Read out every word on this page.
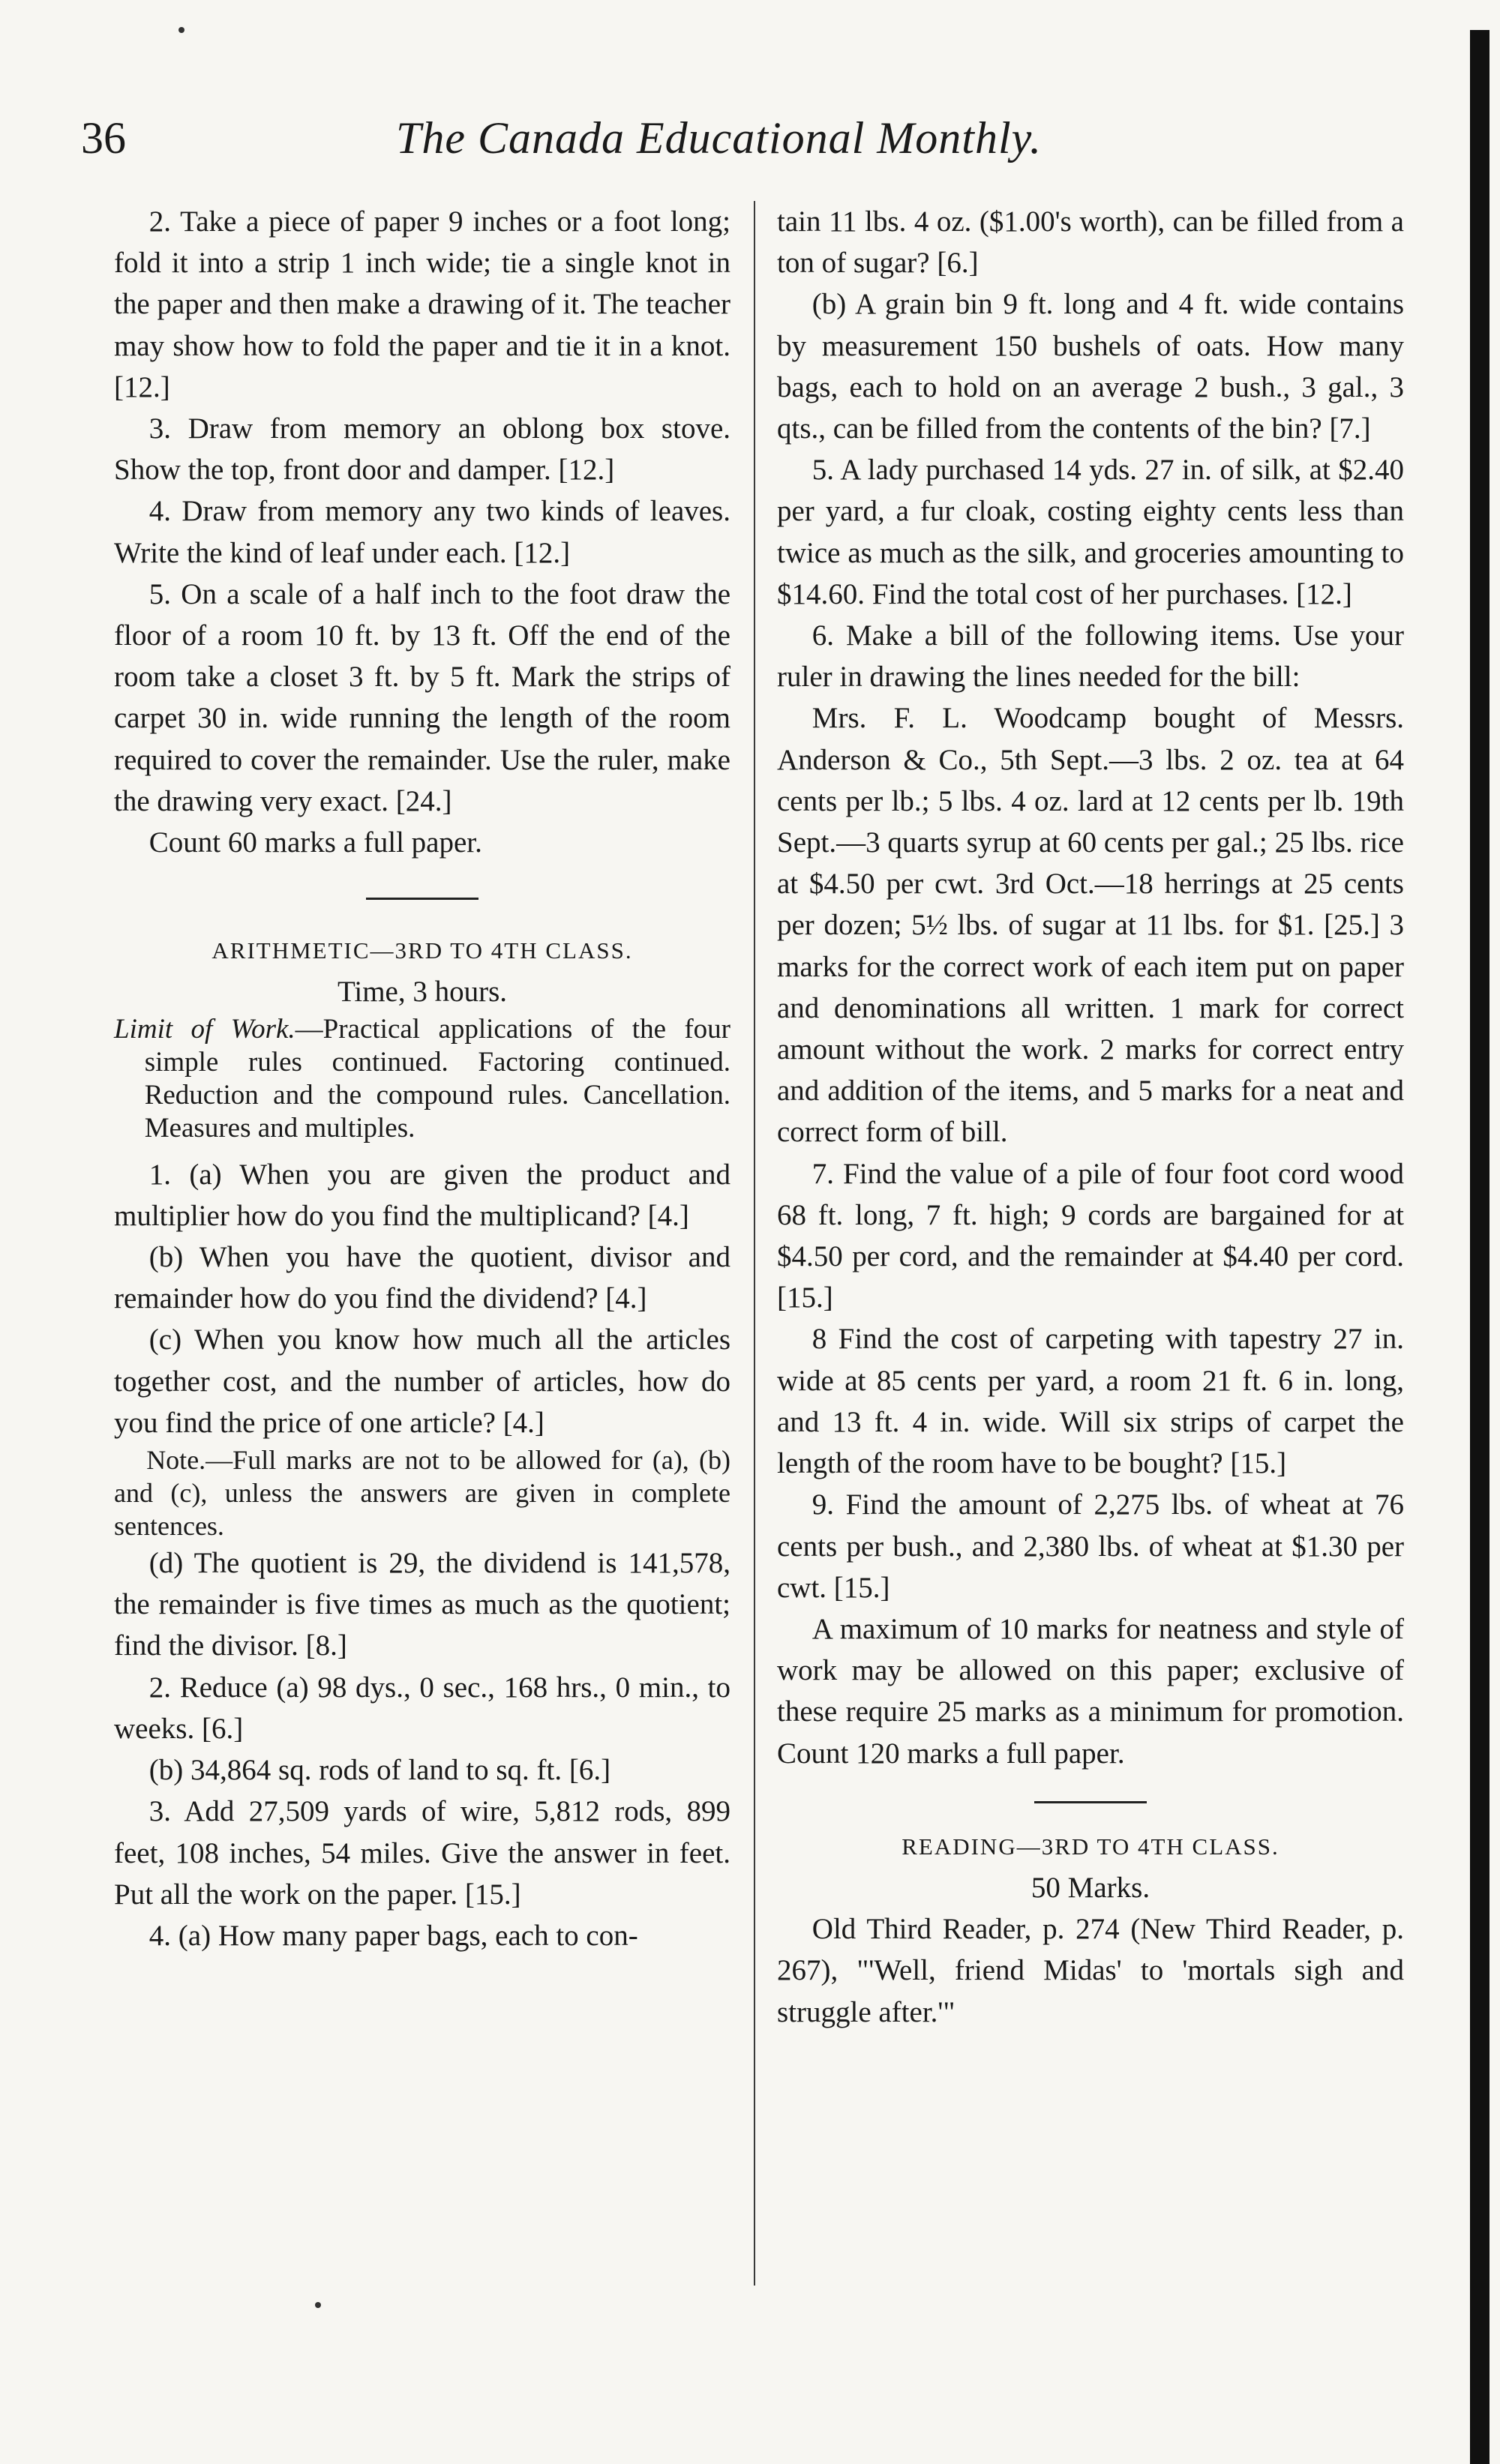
36	The Canada Educational Monthly.

2. Take a piece of paper 9 inches or a foot long; fold it into a strip 1 inch wide; tie a single knot in the paper and then make a drawing of it. The teacher may show how to fold the paper and tie it in a knot. [12.]

3. Draw from memory an oblong box stove. Show the top, front door and damper. [12.]

4. Draw from memory any two kinds of leaves. Write the kind of leaf under each. [12.]

5. On a scale of a half inch to the foot draw the floor of a room 10 ft. by 13 ft. Off the end of the room take a closet 3 ft. by 5 ft. Mark the strips of carpet 30 in. wide running the length of the room required to cover the remainder. Use the ruler, make the drawing very exact. [24.]

Count 60 marks a full paper.

ARITHMETIC—3RD TO 4TH CLASS.

Time, 3 hours.

Limit of Work.—Practical applications of the four simple rules continued. Factoring continued. Reduction and the compound rules. Cancellation. Measures and multiples.

1. (a) When you are given the product and multiplier how do you find the multiplicand? [4.]

(b) When you have the quotient, divisor and remainder how do you find the dividend? [4.]

(c) When you know how much all the articles together cost, and the number of articles, how do you find the price of one article? [4.]

Note.—Full marks are not to be allowed for (a), (b) and (c), unless the answers are given in complete sentences.

(d) The quotient is 29, the dividend is 141,578, the remainder is five times as much as the quotient; find the divisor. [8.]

2. Reduce (a) 98 dys., 0 sec., 168 hrs., 0 min., to weeks. [6.]

(b) 34,864 sq. rods of land to sq. ft. [6.]

3. Add 27,509 yards of wire, 5,812 rods, 899 feet, 108 inches, 54 miles. Give the answer in feet. Put all the work on the paper. [15.]

4. (a) How many paper bags, each to con-

tain 11 lbs. 4 oz. ($1.00's worth), can be filled from a ton of sugar? [6.]

(b) A grain bin 9 ft. long and 4 ft. wide contains by measurement 150 bushels of oats. How many bags, each to hold on an average 2 bush., 3 gal., 3 qts., can be filled from the contents of the bin? [7.]

5. A lady purchased 14 yds. 27 in. of silk, at $2.40 per yard, a fur cloak, costing eighty cents less than twice as much as the silk, and groceries amounting to $14.60. Find the total cost of her purchases. [12.]

6. Make a bill of the following items. Use your ruler in drawing the lines needed for the bill:

Mrs. F. L. Woodcamp bought of Messrs. Anderson & Co., 5th Sept.—3 lbs. 2 oz. tea at 64 cents per lb.; 5 lbs. 4 oz. lard at 12 cents per lb. 19th Sept.—3 quarts syrup at 60 cents per gal.; 25 lbs. rice at $4.50 per cwt. 3rd Oct.—18 herrings at 25 cents per dozen; 5½ lbs. of sugar at 11 lbs. for $1. [25.] 3 marks for the correct work of each item put on paper and denominations all written. 1 mark for correct amount without the work. 2 marks for correct entry and addition of the items, and 5 marks for a neat and correct form of bill.

7. Find the value of a pile of four foot cord wood 68 ft. long, 7 ft. high; 9 cords are bargained for at $4.50 per cord, and the remainder at $4.40 per cord. [15.]

8 Find the cost of carpeting with tapestry 27 in. wide at 85 cents per yard, a room 21 ft. 6 in. long, and 13 ft. 4 in. wide. Will six strips of carpet the length of the room have to be bought? [15.]

9. Find the amount of 2,275 lbs. of wheat at 76 cents per bush., and 2,380 lbs. of wheat at $1.30 per cwt. [15.]

A maximum of 10 marks for neatness and style of work may be allowed on this paper; exclusive of these require 25 marks as a minimum for promotion. Count 120 marks a full paper.

READING—3RD TO 4TH CLASS.

50 Marks.

Old Third Reader, p. 274 (New Third Reader, p. 267), "'Well, friend Midas' to 'mortals sigh and struggle after.'"
